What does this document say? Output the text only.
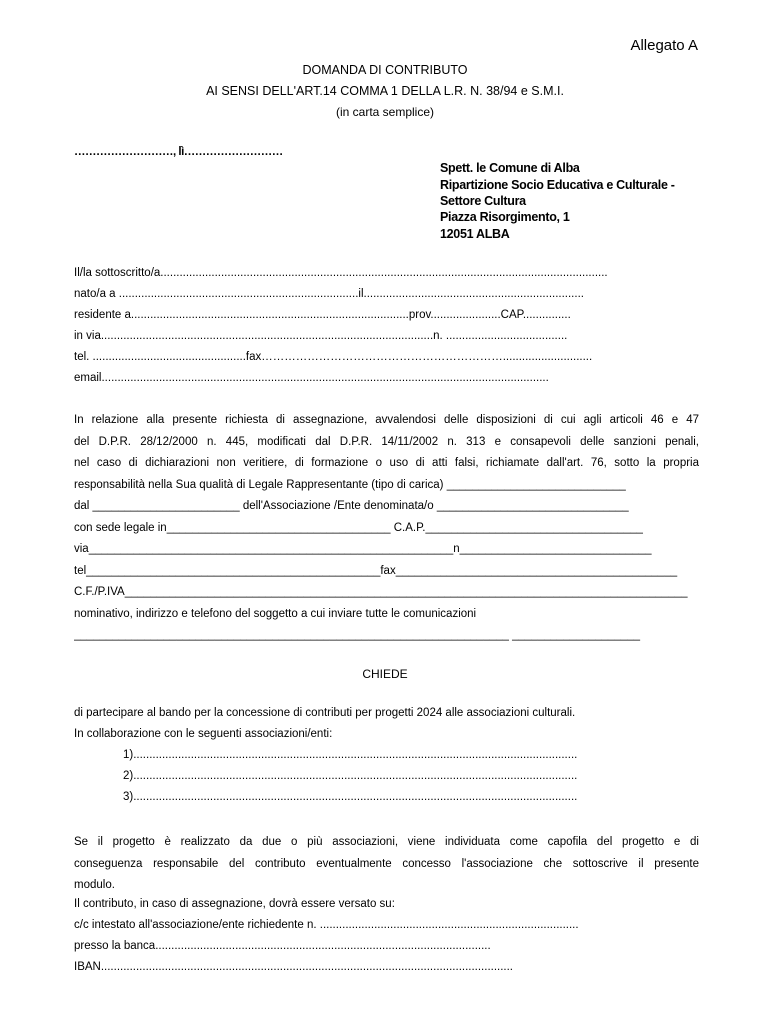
Allegato A
DOMANDA DI CONTRIBUTO
AI SENSI DELL'ART.14 COMMA 1 DELLA L.R. N. 38/94 e S.M.I.
(in carta semplice)
………………………, lì………………………
Spett. le Comune di Alba
Ripartizione Socio Educativa e Culturale -
Settore Cultura
Piazza Risorgimento, 1
12051 ALBA
Il/la sottoscritto/a............................................................................................................................................
nato/a a ...........................................................................il.....................................................................
residente a.......................................................................................prov......................CAP...............
in via........................................................................................................n. ......................................
tel. ................................................fax………………………………………………………............................
email............................................................................................................................................
In relazione alla presente richiesta di assegnazione, avvalendosi delle disposizioni di cui agli articoli 46 e 47
del D.P.R. 28/12/2000 n. 445, modificati dal D.P.R. 14/11/2002 n. 313 e consapevoli delle sanzioni penali,
nel caso di dichiarazioni non veritiere, di formazione o uso di atti falsi, richiamate dall'art. 76, sotto la propria
responsabilità nella Sua qualità di Legale Rappresentante (tipo di carica) ____________________________
dal _______________________ dell'Associazione /Ente denominata/o ______________________________
con sede legale in___________________________________ C.A.P.__________________________________
via_________________________________________________________n______________________________
tel______________________________________________fax____________________________________________
C.F./P.IVA________________________________________________________________________________________
nominativo, indirizzo e telefono del soggetto a cui inviare tutte le comunicazioni
____________________________________________________________________ ____________________
CHIEDE
di partecipare al bando per la concessione di contributi per progetti 2024 alle associazioni culturali.
In collaborazione con le seguenti associazioni/enti:
1)...........................................................................................................................................
2)...........................................................................................................................................
3)...........................................................................................................................................
Se il progetto è realizzato da due o più associazioni, viene individuata come capofila del progetto e di
conseguenza responsabile del contributo eventualmente concesso l'associazione che sottoscrive il presente
modulo.
Il contributo, in caso di assegnazione, dovrà essere versato su:
c/c intestato all'associazione/ente richiedente n. .................................................................................
presso la banca.........................................................................................................
IBAN.................................................................................................................................
